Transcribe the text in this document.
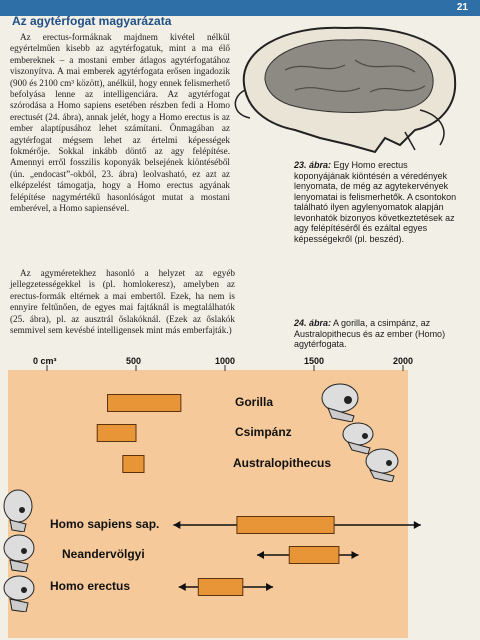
21
Az agytérfogat magyarázata

Az erectus-formáknak majdnem kivétel nélkül egyértelműen kisebb az agytérfogatuk, mint a ma élő embereknek – a mostani ember átlagos agytérfogatához viszonyítva. A mai emberek agytérfogata erősen ingadozik (900 és 2100 cm³ között), anélkül, hogy ennek felismerhető befolyása lenne az intelligenciára. Az agytérfogat szórodása a Homo sapiens esetében részben fedi a Homo erectusét (24. ábra), annak jelét, hogy a Homo erectus is az ember alaptípusához lehet számítani. Önmagában az agytérfogat mégsem lehet az értelmi képességek fokmérője. Sokkal inkább döntő az agy felépítése. Amennyi erről fosszilis koponyák belsejének kiöntéséből (ún. „endocast”-okból, 23. ábra) leolvasható, ez azt az elképzelést támogatja, hogy a Homo erectus agyának felépítése nagymértékű hasonlóságot mutat a mostani emberével, a Homo sapiensével.

Az agyméretekhez hasonló a helyzet az egyéb jellegzetességekkel is (pl. homlokeresz), amelyben az erectus-formák eltérnek a mai embertől. Ezek, ha nem is ennyire feltűnően, de egyes mai fajtáknál is megtalálhatók (25. ábra), pl. az ausztrál őslakóknál. (Ezek az őslakók semmivel sem kevésbé intelligensek mint más emberfajták.)

23. ábra: Egy Homo erectus koponyájának kiöntésén a véredények lenyomata, de még az agytekervények lenyomatai is felismerhetők. A csontokon található ilyen agylenyomatok alapján levonhatók bizonyos következtetések az agy felépítéséről és ezáltal egyes képességekről (pl. beszéd).
24. ábra: A gorilla, a csimpánz, az Australopithecus és az ember (Homo) agytérfogata.
0 cm³	500	1000	1500	2000
Gorilla
Csimpánz
Australopithecus
Homo sapiens sap.
Neandervölgyi
Homo erectus
